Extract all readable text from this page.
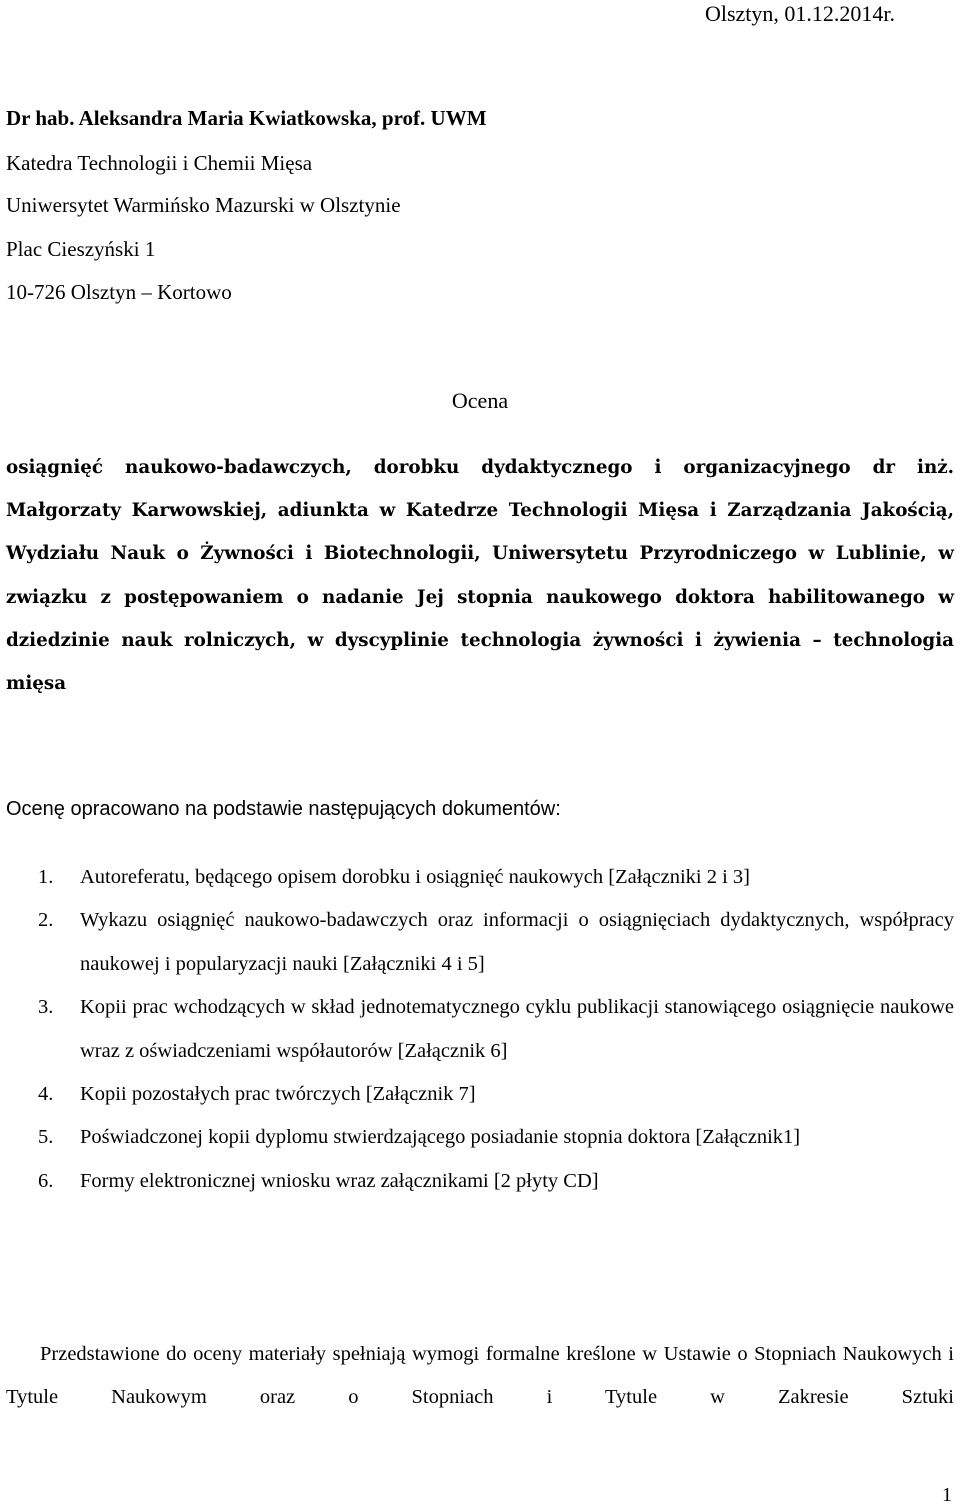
Olsztyn, 01.12.2014r.
Dr hab. Aleksandra Maria Kwiatkowska, prof. UWM
Katedra Technologii i Chemii Mięsa
Uniwersytet Warmińsko Mazurski w Olsztynie
Plac Cieszyński 1
10-726 Olsztyn – Kortowo
Ocena
osiągnięć naukowo-badawczych, dorobku dydaktycznego i organizacyjnego dr inż. Małgorzaty Karwowskiej, adiunkta w Katedrze Technologii Mięsa i Zarządzania Jakością, Wydziału Nauk o Żywności i Biotechnologii, Uniwersytetu Przyrodniczego w Lublinie, w związku z postępowaniem o nadanie Jej stopnia naukowego doktora habilitowanego w dziedzinie nauk rolniczych, w dyscyplinie technologia żywności i żywienia – technologia mięsa
Ocenę opracowano na podstawie następujących dokumentów:
1. Autoreferatu, będącego opisem dorobku i osiągnięć naukowych [Załączniki 2 i 3]
2. Wykazu osiągnięć naukowo-badawczych oraz informacji o osiągnięciach dydaktycznych, współpracy naukowej i popularyzacji nauki [Załączniki 4 i 5]
3. Kopii prac wchodzących w skład jednotematycznego cyklu publikacji stanowiącego osiągnięcie naukowe wraz z oświadczeniami współautorów [Załącznik 6]
4. Kopii pozostałych prac twórczych [Załącznik 7]
5. Poświadczonej kopii dyplomu stwierdzającego posiadanie stopnia doktora [Załącznik1]
6. Formy elektronicznej wniosku wraz załącznikami [2 płyty CD]
Przedstawione do oceny materiały spełniają wymogi formalne kreślone w Ustawie o Stopniach Naukowych i Tytule Naukowym oraz o Stopniach i Tytule w Zakresie Sztuki
1
